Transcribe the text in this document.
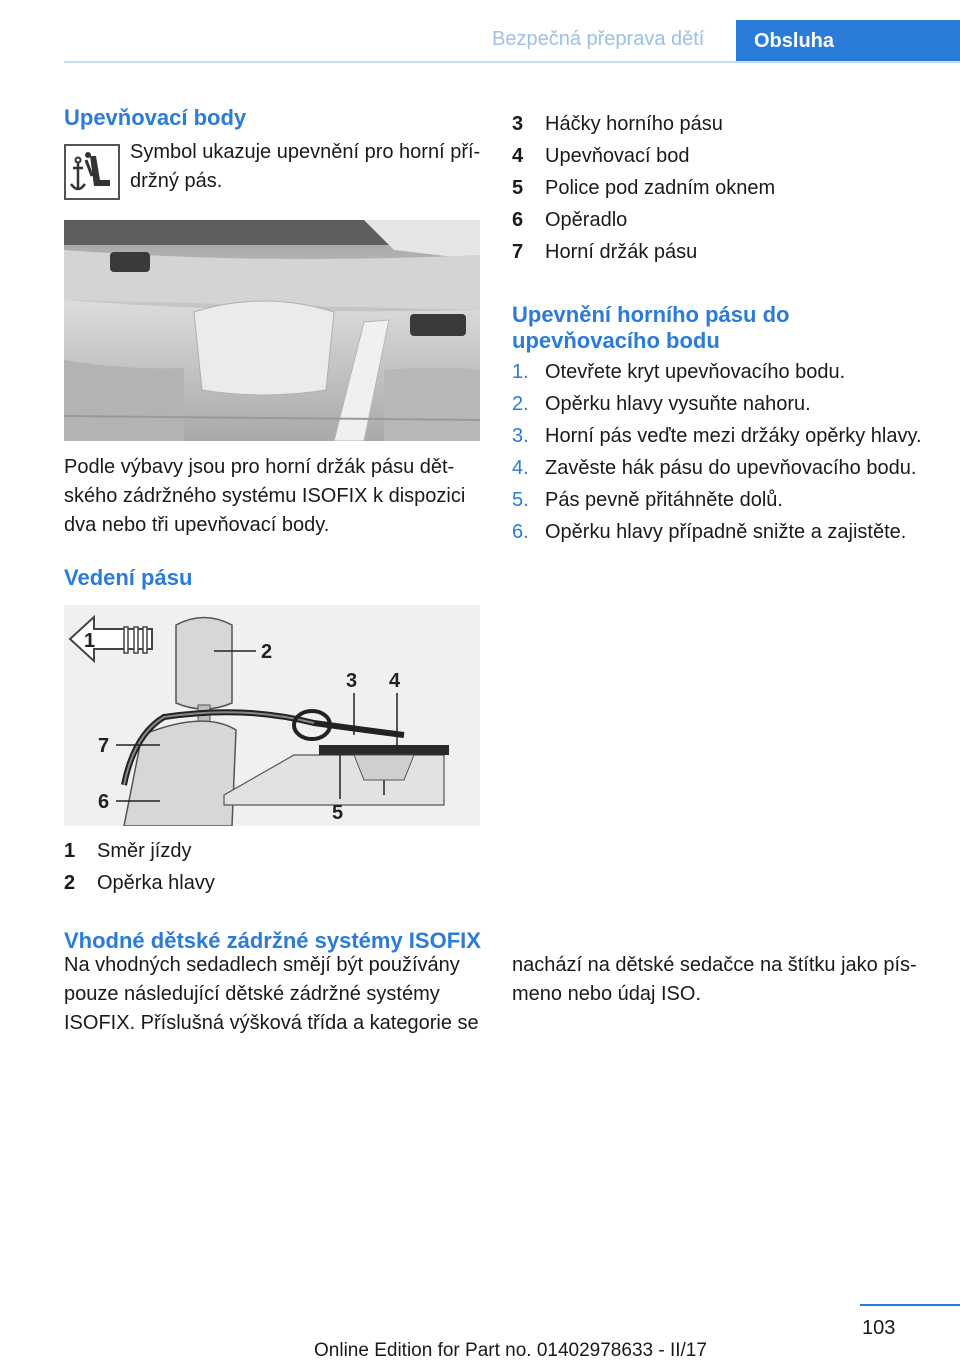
Bezpečná přeprava dětí	Obsluha
Upevňovací body
Symbol ukazuje upevnění pro horní pří‐
držný pás.
Podle výbavy jsou pro horní držák pásu dět‐
ského zádržného systému ISOFIX k dispozici
dva nebo tři upevňovací body.
Vedení pásu
1	2
3 4
5
6
7
1	Směr jízdy
2	Opěrka hlavy
Vhodné dětské zádržné systémy ISOFIX
Na vhodných sedadlech smějí být používány
pouze následující dětské zádržné systémy
ISOFIX. Příslušná výšková třída a kategorie se
nachází na dětské sedačce na štítku jako pís‐
meno nebo údaj ISO.
3	Háčky horního pásu
4	Upevňovací bod
5	Police pod zadním oknem
6	Opěradlo
7	Horní držák pásu
Upevnění horního pásu do
upevňovacího bodu
1. Otevřete kryt upevňovacího bodu.
2. Opěrku hlavy vysuňte nahoru.
3. Horní pás veďte mezi držáky opěrky hlavy.
4. Zavěste hák pásu do upevňovacího bodu.
5. Pás pevně přitáhněte dolů.
6. Opěrku hlavy případně snižte a zajistěte.
103
Online Edition for Part no. 01402978633 - II/17
